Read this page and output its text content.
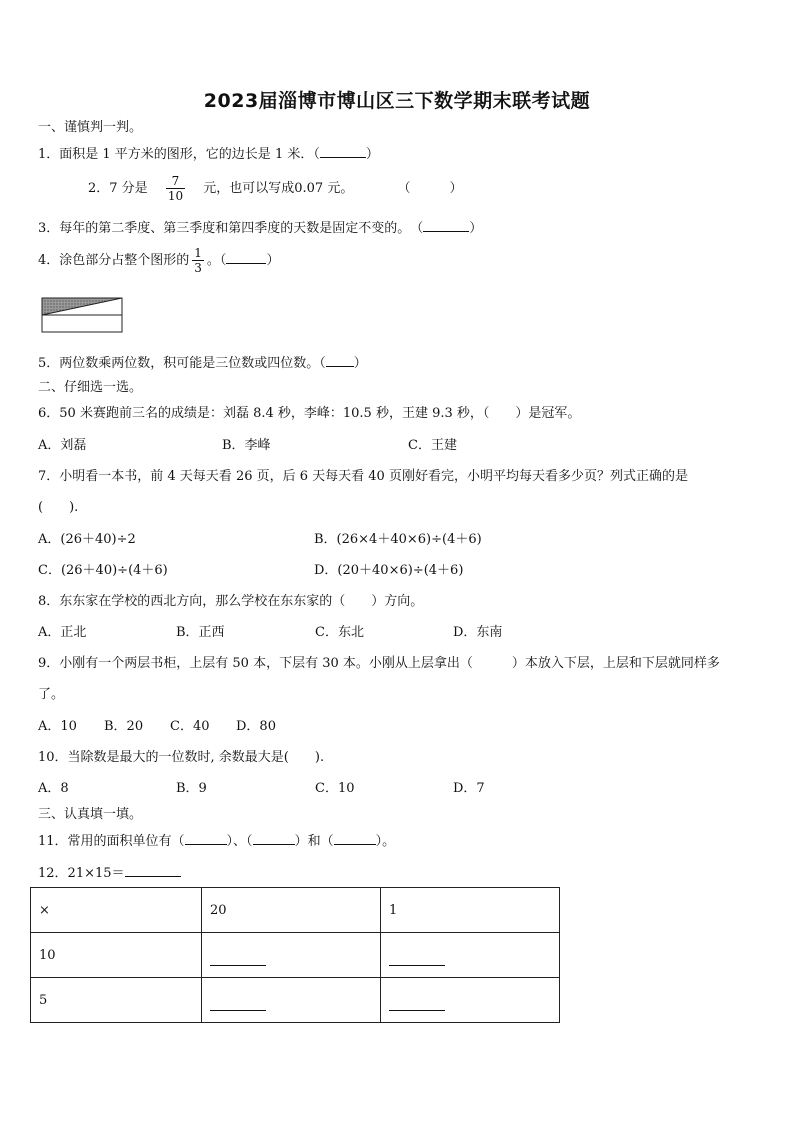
2023届淄博市博山区三下数学期末联考试题
一、谨慎判一判。
1．面积是 1 平方米的图形，它的边长是 1 米．（	）
2．7 分是 $\frac{7}{10}$ 元，也可以写成0.07 元。	（　　　）
3．每年的第二季度、第三季度和第四季度的天数是固定不变的。　（	）
4．涂色部分占整个图形的 $\frac{1}{3}$ 。（	）
5．两位数乘两位数，积可能是三位数或四位数。（ ）
二、仔细选一选。
6．50 米赛跑前三名的成绩是：刘磊 8.4 秒，李峰：10.5 秒，王建 9.3 秒，（　　）是冠军。
A．刘磊	B．李峰	C．王建
7．小明看一本书，前 4 天每天看 26 页，后 6 天每天看 40 页刚好看完，小明平均每天看多少页？列式正确的是
(　　).
A．(26＋40)÷2	B．(26×4＋40×6)÷(4＋6)
C．(26＋40)÷(4＋6)	D．(20＋40×6)÷(4＋6)
8．东东家在学校的西北方向，那么学校在东东家的（　　）方向。
A．正北	B．正西	C．东北	D．东南
9．小刚有一个两层书柜，上层有 50 本，下层有 30 本。小刚从上层拿出（　　　）本放入下层，上层和下层就同样多
了。
A．10 B．20 C．40 D．80
10．当除数是最大的一位数时, 余数最大是(　　).
A．8	B．9	C．10	D．7
三、认真填一填。
11．常用的面积单位有（	）、（	）和（	）。
12．21×15＝
×	20	1
10		
5		
